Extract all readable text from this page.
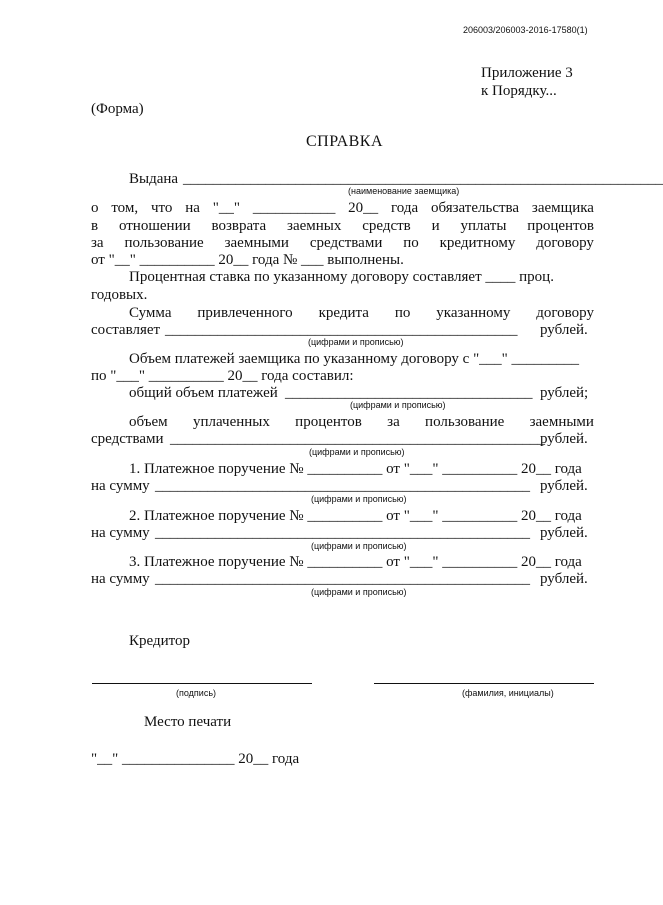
206003/206003-2016-17580(1)
Приложение 3
к Порядку...
(Форма)
СПРАВКА
Выдана ________________________________________________________________
(наименование заемщика)
о том, что на "__" ___________ 20__ года обязательства заемщика
в отношении возврата заемных средств и уплаты процентов
за пользование заемными средствами по кредитному договору
от "__" __________ 20__ года № ___ выполнены.
Процентная ставка по указанному договору составляет ____ проц.
годовых.
Сумма привлеченного кредита по указанному договору
составляет _______________________________________________	рублей.
(цифрами и прописью)
Объем платежей заемщика по указанному договору с "___" _________
по "___" __________ 20__ года составил:
общий объем платежей _________________________________ рублей;
(цифрами и прописью)
объем уплаченных процентов за пользование заемными
средствами __________________________________________________
рублей.
(цифрами и прописью)
1. Платежное поручение № __________ от "___" __________ 20__ года
на сумму __________________________________________________ рублей.
(цифрами и прописью)
2. Платежное поручение № __________ от "___" __________ 20__ года
на сумму __________________________________________________ рублей.
(цифрами и прописью)
3. Платежное поручение № __________ от "___" __________ 20__ года
на сумму __________________________________________________ рублей.
(цифрами и прописью)
Кредитор
(подпись)	(фамилия, инициалы)
Место печати
"__" _______________ 20__ года
